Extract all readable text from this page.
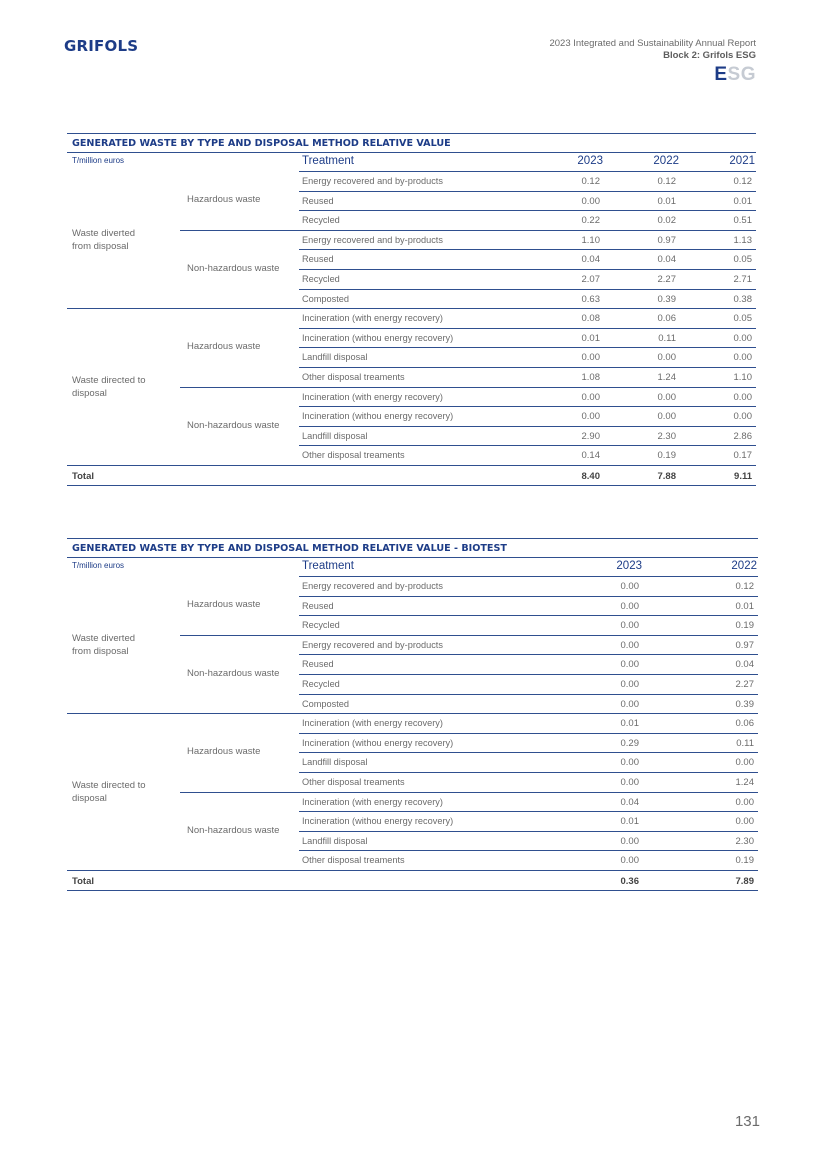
GRIFOLS	2023 Integrated and Sustainability Annual Report
Block 2: Grifols ESG
ESG
GENERATED WASTE BY TYPE AND DISPOSAL METHOD RELATIVE VALUE
T/million euros	Treatment	2023	2022	2021
Waste diverted from disposal
Hazardous waste
Energy recovered and by-products	0.12	0.12	0.12
Reused	0.00	0.01	0.01
Recycled	0.22	0.02	0.51
Non-hazardous waste
Energy recovered and by-products	1.10	0.97	1.13
Reused	0.04	0.04	0.05
Recycled	2.07	2.27	2.71
Composted	0.63	0.39	0.38
Waste directed to disposal
Hazardous waste
Incineration (with energy recovery)	0.08	0.06	0.05
Incineration (withou energy recovery)	0.01	0.11	0.00
Landfill disposal	0.00	0.00	0.00
Other disposal treaments	1.08	1.24	1.10
Non-hazardous waste
Incineration (with energy recovery)	0.00	0.00	0.00
Incineration (withou energy recovery)	0.00	0.00	0.00
Landfill disposal	2.90	2.30	2.86
Other disposal treaments	0.14	0.19	0.17
Total	8.40	7.88	9.11
GENERATED WASTE BY TYPE AND DISPOSAL METHOD RELATIVE VALUE - BIOTEST
T/million euros	Treatment	2023	2022
Waste diverted from disposal
Hazardous waste
Energy recovered and by-products	0.00	0.12
Reused	0.00	0.01
Recycled	0.00	0.19
Non-hazardous waste
Energy recovered and by-products	0.00	0.97
Reused	0.00	0.04
Recycled	0.00	2.27
Composted	0.00	0.39
Waste directed to disposal
Hazardous waste
Incineration (with energy recovery)	0.01	0.06
Incineration (withou energy recovery)	0.29	0.11
Landfill disposal	0.00	0.00
Other disposal treaments	0.00	1.24
Non-hazardous waste
Incineration (with energy recovery)	0.04	0.00
Incineration (withou energy recovery)	0.01	0.00
Landfill disposal	0.00	2.30
Other disposal treaments	0.00	0.19
Total	0.36	7.89
131
